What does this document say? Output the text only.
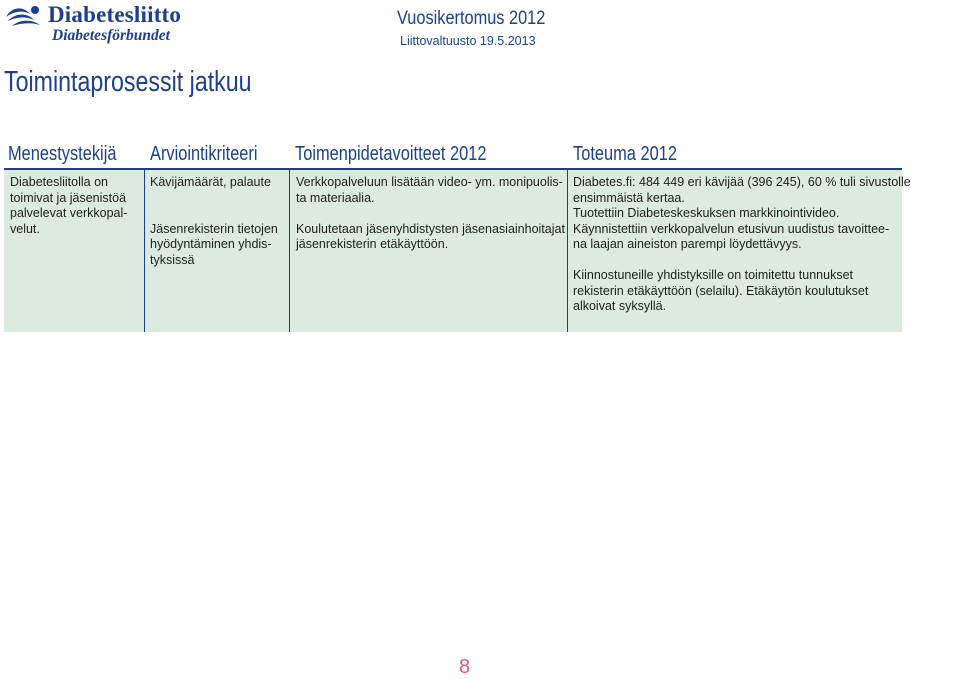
Diabetesliitto
Diabetesförbundet
Vuosikertomus 2012
Liittovaltuusto 19.5.2013
Toimintaprosessit jatkuu
Menestystekijä Arviointikriteeri Toimenpidetavoitteet 2012	Toteuma 2012
Diabetesliitolla on
toimivat ja jäsenistöä
palvelevat verkkopal-
velut.
Kävijämäärät, palaute
Jäsenrekisterin tietojen
hyödyntäminen yhdis-
tyksissä
Verkkopalveluun lisätään video- ym. monipuolis-
ta materiaalia.
Koulutetaan jäsenyhdistysten jäsenasiainhoitajat
jäsenrekisterin etäkäyttöön.
Diabetes.fi: 484 449 eri kävijää (396 245), 60 % tuli sivustolle
ensimmäistä kertaa.
Tuotettiin Diabeteskeskuksen markkinointivideo.
Käynnistettiin verkkopalvelun etusivun uudistus tavoittee-
na laajan aineiston parempi löydettävyys.
Kiinnostuneille yhdistyksille on toimitettu tunnukset
rekisterin etäkäyttöön (selailu). Etäkäytön koulutukset
alkoivat syksyllä.
8
